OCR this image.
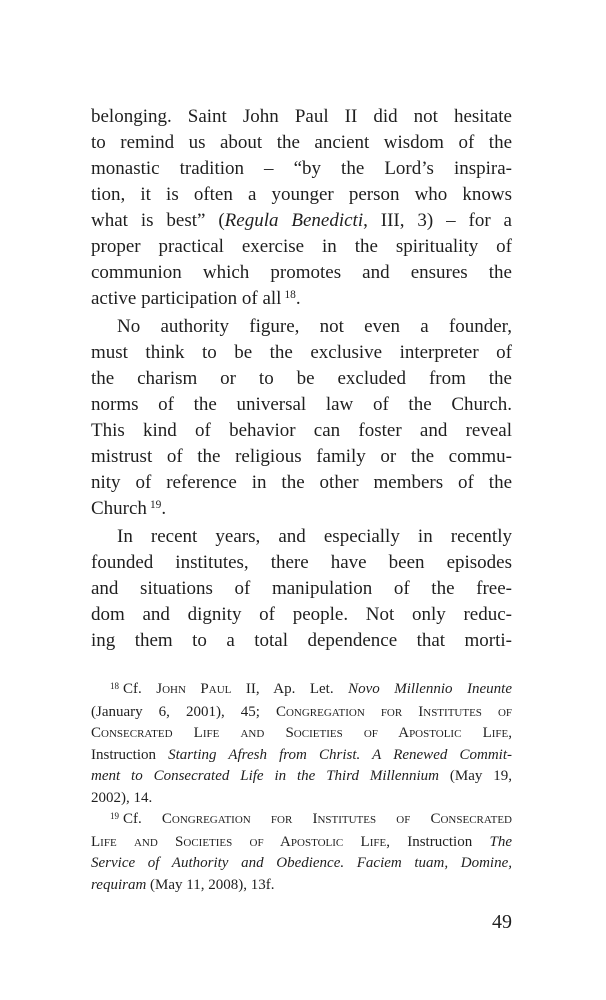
belonging. Saint John Paul II did not hesitate
to remind us about the ancient wisdom of the
monastic tradition – “by the Lord’s inspira-
tion, it is often a younger person who knows
what is best” (Regula Benedicti, III, 3) – for a
proper practical exercise in the spirituality of
communion which promotes and ensures the
active participation of all $^{18}$.
No authority figure, not even a founder,
must think to be the exclusive interpreter of
the charism or to be excluded from the
norms of the universal law of the Church.
This kind of behavior can foster and reveal
mistrust of the religious family or the commu-
nity of reference in the other members of the
Church $^{19}$.
In recent years, and especially in recently
founded institutes, there have been episodes
and situations of manipulation of the free-
dom and dignity of people. Not only reduc-
ing them to a total dependence that morti-
$^{18}$ Cf. John Paul II, Ap. Let. Novo Millennio Ineunte
(January 6, 2001), 45; Congregation for Institutes of
Consecrated Life and Societies of Apostolic Life,
Instruction Starting Afresh from Christ. A Renewed Commit-
ment to Consecrated Life in the Third Millennium (May 19,
2002), 14.
$^{19}$ Cf. Congregation for Institutes of Consecrated
Life and Societies of Apostolic Life, Instruction The
Service of Authority and Obedience. Faciem tuam, Domine,
requiram (May 11, 2008), 13f.
49
